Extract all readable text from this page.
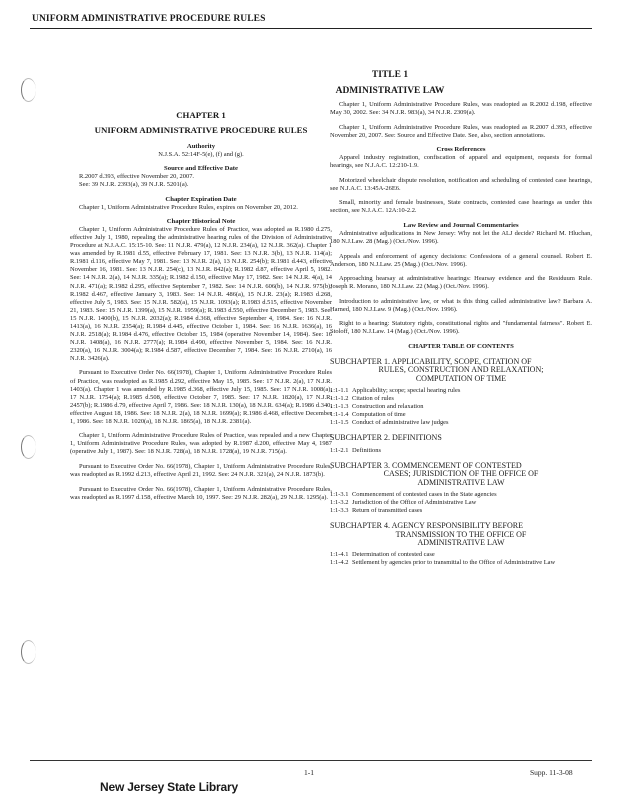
UNIFORM ADMINISTRATIVE PROCEDURE RULES
TITLE 1
ADMINISTRATIVE LAW
CHAPTER 1
UNIFORM ADMINISTRATIVE PROCEDURE RULES
Authority

N.J.S.A. 52:14F-5(e), (f) and (g).

Source and Effective Date
R.2007 d.393, effective November 20, 2007.
See: 39 N.J.R. 2393(a), 39 N.J.R. 5201(a).
Chapter Expiration Date

Chapter 1, Uniform Administrative Procedure Rules, expires on November 20, 2012.

Chapter Historical Note

Chapter 1, Uniform Administrative Procedure Rules of Practice, was adopted as R.1980 d.275, effective July 1, 1980, repealing the administrative hearing rules of the Division of Administrative Procedure at N.J.A.C. 15:15-10. See: 11 N.J.R. 479(a), 12 N.J.R. 234(a), 12 N.J.R. 362(a). Chapter 1 was amended by R.1981 d.55, effective February 17, 1981. See: 13 N.J.R. 3(b), 13 N.J.R. 114(a); R.1981 d.116, effective May 7, 1981. See: 13 N.J.R. 2(a), 13 N.J.R. 254(b); R.1981 d.443, effective November 16, 1981. See: 13 N.J.R. 254(c), 13 N.J.R. 842(a); R.1982 d.87, effective April 5, 1982. See: 14 N.J.R. 2(a), 14 N.J.R. 335(a); R.1982 d.150, effective May 17, 1982. See: 14 N.J.R. 4(a), 14 N.J.R. 471(a); R.1982 d.295, effective September 7, 1982. See: 14 N.J.R. 606(b), 14 N.J.R. 975(b); R.1982 d.467, effective January 3, 1983. See: 14 N.J.R. 486(a), 15 N.J.R. 23(a); R.1983 d.268, effective July 5, 1983. See: 15 N.J.R. 582(a), 15 N.J.R. 1093(a); R.1983 d.515, effective November 21, 1983. See: 15 N.J.R. 1399(a), 15 N.J.R. 1959(a); R.1983 d.550, effective December 5, 1983. See: 15 N.J.R. 1400(b), 15 N.J.R. 2032(a); R.1984 d.368, effective September 4, 1984. See: 16 N.J.R. 1413(a), 16 N.J.R. 2354(a); R.1984 d.445, effective October 1, 1984. See: 16 N.J.R. 1636(a), 16 N.J.R. 2518(a); R.1984 d.476, effective October 15, 1984 (operative November 14, 1984). See: 16 N.J.R. 1408(a), 16 N.J.R. 2777(a); R.1984 d.490, effective November 5, 1984. See: 16 N.J.R. 2320(a), 16 N.J.R. 3004(a); R.1984 d.587, effective December 7, 1984. See: 16 N.J.R. 2710(a), 16 N.J.R. 3426(a).

Pursuant to Executive Order No. 66(1978), Chapter 1, Uniform Administrative Procedure Rules of Practice, was readopted as R.1985 d.292, effective May 15, 1985. See: 17 N.J.R. 2(a), 17 N.J.R. 1403(a). Chapter 1 was amended by R.1985 d.368, effective July 15, 1985. See: 17 N.J.R. 1008(a), 17 N.J.R. 1754(a); R.1985 d.508, effective October 7, 1985. See: 17 N.J.R. 1820(a), 17 N.J.R. 2457(b); R.1986 d.79, effective April 7, 1986. See: 18 N.J.R. 130(a), 18 N.J.R. 634(a); R.1986 d.340, effective August 18, 1986. See: 18 N.J.R. 2(a), 18 N.J.R. 1699(a); R.1986 d.468, effective December 1, 1986. See: 18 N.J.R. 1020(a), 18 N.J.R. 1865(a), 18 N.J.R. 2381(a).

Chapter 1, Uniform Administrative Procedure Rules of Practice, was repealed and a new Chapter 1, Uniform Administrative Procedure Rules, was adopted by R.1987 d.200, effective May 4, 1987 (operative July 1, 1987). See: 18 N.J.R. 728(a), 18 N.J.R. 1728(a), 19 N.J.R. 715(a).

Pursuant to Executive Order No. 66(1978), Chapter 1, Uniform Administrative Procedure Rules, was readopted as R.1992 d.213, effective April 21, 1992. See: 24 N.J.R. 321(a), 24 N.J.R. 1873(b).

Pursuant to Executive Order No. 66(1978), Chapter 1, Uniform Administrative Procedure Rules, was readopted as R.1997 d.158, effective March 10, 1997. See: 29 N.J.R. 282(a), 29 N.J.R. 1295(a).

Chapter 1, Uniform Administrative Procedure Rules, was readopted as R.2002 d.198, effective May 30, 2002. See: 34 N.J.R. 983(a), 34 N.J.R. 2309(a).

Chapter 1, Uniform Administrative Procedure Rules, was readopted as R.2007 d.393, effective November 20, 2007. See: Source and Effective Date. See, also, section annotations.

Cross References

Apparel industry registration, confiscation of apparel and equipment, requests for formal hearings, see N.J.A.C. 12:210-1.9.

Motorized wheelchair dispute resolution, notification and scheduling of contested case hearings, see N.J.A.C. 13:45A-26E6.

Small, minority and female businesses, State contracts, contested case hearings as under this section, see N.J.A.C. 12A:10-2.2.

Law Review and Journal Commentaries

Administrative adjudications in New Jersey: Why not let the ALJ decide? Richard M. Hluchan, 180 N.J.Law. 28 (Mag.) (Oct./Nov. 1996).

Appeals and enforcement of agency decisions: Confessions of a general counsel. Robert E. Anderson, 180 N.J.Law. 25 (Mag.) (Oct./Nov. 1996).

Approaching hearsay at administrative hearings: Hearsay evidence and the Residuum Rule. Joseph R. Morano, 180 N.J.Law. 22 (Mag.) (Oct./Nov. 1996).

Introduction to administrative law, or what is this thing called administrative law? Barbara A. Harned, 180 N.J.Law. 9 (Mag.) (Oct./Nov. 1996).

Right to a hearing: Statutory rights, constitutional rights and "fundamental fairness". Robert E. Stoloff, 180 N.J.Law. 14 (Mag.) (Oct./Nov. 1996).

CHAPTER TABLE OF CONTENTS
SUBCHAPTER 1. APPLICABILITY, SCOPE, CITATION OF
RULES, CONSTRUCTION AND RELAXATION;
COMPUTATION OF TIME
1:1-1.1 Applicability; scope; special hearing rules
1:1-1.2 Citation of rules
1:1-1.3 Construction and relaxation
1:1-1.4 Computation of time
1:1-1.5 Conduct of administrative law judges
SUBCHAPTER 2. DEFINITIONS
1:1-2.1 Definitions
SUBCHAPTER 3. COMMENCEMENT OF CONTESTED
CASES; JURISDICTION OF THE OFFICE OF
ADMINISTRATIVE LAW
1:1-3.1 Commencement of contested cases in the State agencies
1:1-3.2 Jurisdiction of the Office of Administrative Law
1:1-3.3 Return of transmitted cases
SUBCHAPTER 4. AGENCY RESPONSIBILITY BEFORE
TRANSMISSION TO THE OFFICE OF
ADMINISTRATIVE LAW
1:1-4.1 Determination of contested case
1:1-4.2 Settlement by agencies prior to transmittal to the Office of Administrative Law
1-1	Supp. 11-3-08
New Jersey State Library
